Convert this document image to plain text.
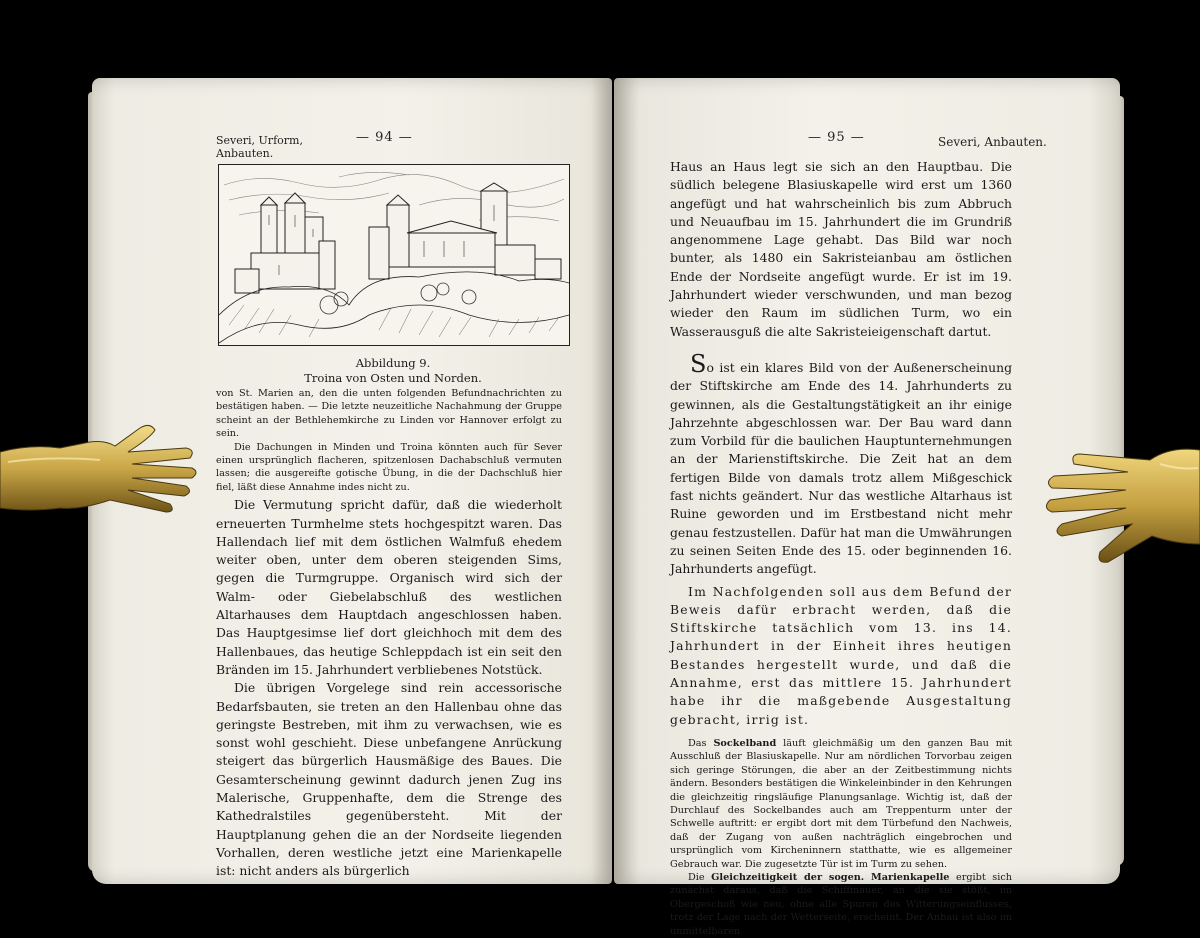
Severi, Urform,
Anbauten.
— 94 —
Abbildung 9.
Troina von Osten und Norden.

von St. Marien an, den die unten folgenden Befundnachrichten zu bestätigen haben. — Die letzte neuzeitliche Nachahmung der Gruppe scheint an der Bethlehemkirche zu Linden vor Hannover erfolgt zu sein.

Die Dachungen in Minden und Troina könnten auch für Sever einen ursprünglich flacheren, spitzenlosen Dachabschluß vermuten lassen; die ausgereifte gotische Übung, in die der Dachschluß hier fiel, läßt diese Annahme indes nicht zu.

Die Vermutung spricht dafür, daß die wiederholt erneuerten Turmhelme stets hochgespitzt waren. Das Hallendach lief mit dem östlichen Walmfuß ehedem weiter oben, unter dem oberen steigenden Sims, gegen die Turmgruppe. Organisch wird sich der Walm- oder Giebelabschluß des westlichen Altarhauses dem Hauptdach angeschlossen haben. Das Hauptgesimse lief dort gleichhoch mit dem des Hallenbaues, das heutige Schleppdach ist ein seit den Bränden im 15. Jahrhundert verbliebenes Notstück.

Die übrigen Vorgelege sind rein accessorische Bedarfsbauten, sie treten an den Hallenbau ohne das geringste Bestreben, mit ihm zu verwachsen, wie es sonst wohl geschieht. Diese unbefangene Anrückung steigert das bürgerlich Hausmäßige des Baues. Die Gesamterscheinung gewinnt dadurch jenen Zug ins Malerische, Gruppenhafte, dem die Strenge des Kathedralstiles gegenübersteht. Mit der Hauptplanung gehen die an der Nordseite liegenden Vorhallen, deren westliche jetzt eine Marienkapelle ist: nicht anders als bürgerlich

— 95 —	Severi, Anbauten.

Haus an Haus legt sie sich an den Hauptbau. Die südlich belegene Blasiuskapelle wird erst um 1360 angefügt und hat wahrscheinlich bis zum Abbruch und Neuaufbau im 15. Jahrhundert die im Grundriß angenommene Lage gehabt. Das Bild war noch bunter, als 1480 ein Sakristeianbau am östlichen Ende der Nordseite angefügt wurde. Er ist im 19. Jahrhundert wieder verschwunden, und man bezog wieder den Raum im südlichen Turm, wo ein Wasserausguß die alte Sakristeieigenschaft dartut.

So ist ein klares Bild von der Außenerscheinung der Stiftskirche am Ende des 14. Jahrhunderts zu gewinnen, als die Gestaltungstätigkeit an ihr einige Jahrzehnte abgeschlossen war. Der Bau ward dann zum Vorbild für die baulichen Hauptunternehmungen an der Marienstiftskirche. Die Zeit hat an dem fertigen Bilde von damals trotz allem Mißgeschick fast nichts geändert. Nur das westliche Altarhaus ist Ruine geworden und im Erstbestand nicht mehr genau festzustellen. Dafür hat man die Umwährungen zu seinen Seiten Ende des 15. oder beginnenden 16. Jahrhunderts angefügt.

Im Nachfolgenden soll aus dem Befund der Beweis dafür erbracht werden, daß die Stiftskirche tatsächlich vom 13. ins 14. Jahrhundert in der Einheit ihres heutigen Bestandes hergestellt wurde, und daß die Annahme, erst das mittlere 15. Jahrhundert habe ihr die maßgebende Ausgestaltung gebracht, irrig ist.

Das Sockelband läuft gleichmäßig um den ganzen Bau mit Ausschluß der Blasiuskapelle. Nur am nördlichen Torvorbau zeigen sich geringe Störungen, die aber an der Zeitbestimmung nichts ändern. Besonders bestätigen die Winkeleinbinder in den Kehrungen die gleichzeitig ringsläufige Planungsanlage. Wichtig ist, daß der Durchlauf des Sockelbandes auch am Treppenturm unter der Schwelle auftritt: er ergibt dort mit dem Türbefund den Nachweis, daß der Zugang von außen nachträglich eingebrochen und ursprünglich vom Kircheninnern statthatte, wie es allgemeiner Gebrauch war. Die zugesetzte Tür ist im Turm zu sehen.

Die Gleichzeitigkeit der sogen. Marienkapelle ergibt sich zunächst daraus, daß die Schiffmauer, an die sie stößt, im Obergeschoß wie neu, ohne alle Spuren des Witterungseinflusses, trotz der Lage nach der Wetterseite, erscheint. Der Anbau ist also im unmittelbaren
